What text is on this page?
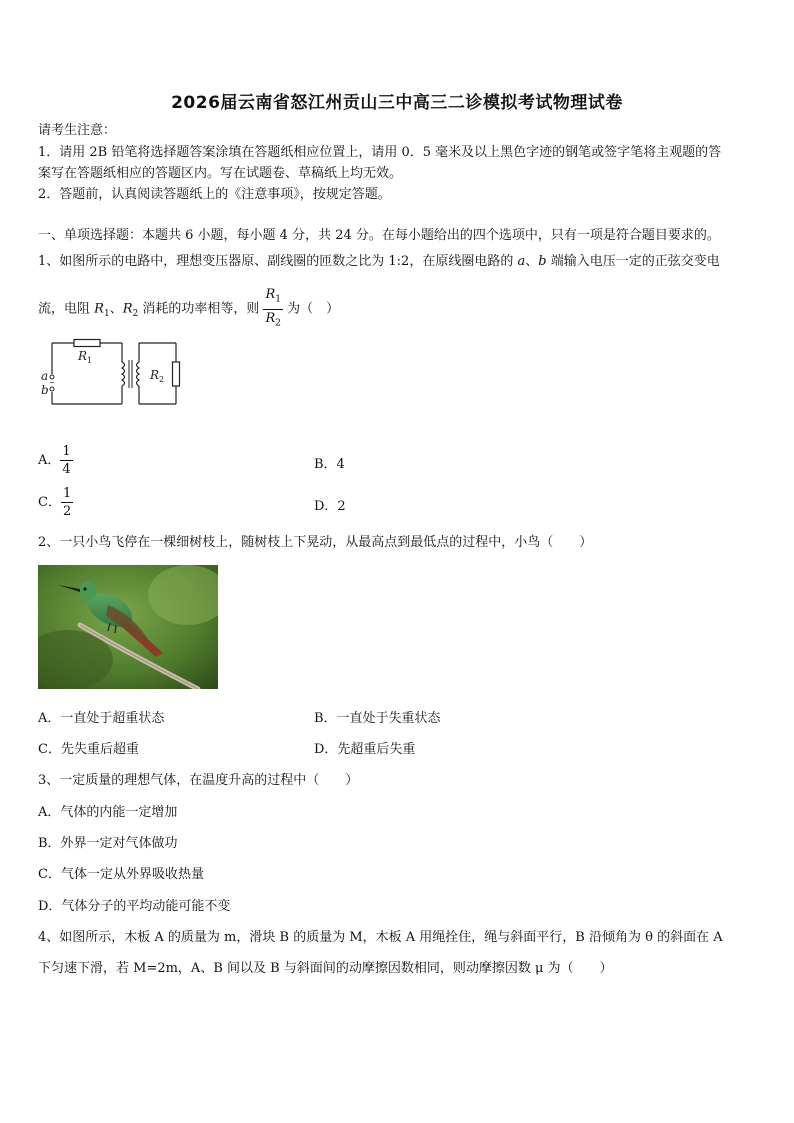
2026届云南省怒江州贡山三中高三二诊模拟考试物理试卷
请考生注意：
1．请用 2B 铅笔将选择题答案涂填在答题纸相应位置上，请用 0．5 毫米及以上黑色字迹的钢笔或签字笔将主观题的答
案写在答题纸相应的答题区内。写在试题卷、草稿纸上均无效。
2．答题前，认真阅读答题纸上的《注意事项》，按规定答题。
一、单项选择题：本题共 6 小题，每小题 4 分，共 24 分。在每小题给出的四个选项中，只有一项是符合题目要求的。
1、如图所示的电路中，理想变压器原、副线圈的匝数之比为 1:2，在原线圈电路的 a、b 端输入电压一定的正弦交变电
流，电阻 $R_1$、$R_2$ 消耗的功率相等，则 $\frac{R_1}{R_2}$ 为（　）
$R_1$
$R_2$
a
b ~
A． $\frac{1}{4}$	B．4
C． $\frac{1}{2}$	D．2
2、一只小鸟飞停在一棵细树枝上，随树枝上下晃动，从最高点到最低点的过程中，小鸟（　　）
A．一直处于超重状态	B．一直处于失重状态
C．先失重后超重	D．先超重后失重
3、一定质量的理想气体，在温度升高的过程中（　　）
A．气体的内能一定增加
B．外界一定对气体做功
C．气体一定从外界吸收热量
D．气体分子的平均动能可能不变
4、如图所示，木板 A 的质量为 m，滑块 B 的质量为 M，木板 A 用绳拴住，绳与斜面平行，B 沿倾角为 θ 的斜面在 A
下匀速下滑，若 M=2m，A、B 间以及 B 与斜面间的动摩擦因数相同，则动摩擦因数 μ 为（　　）
